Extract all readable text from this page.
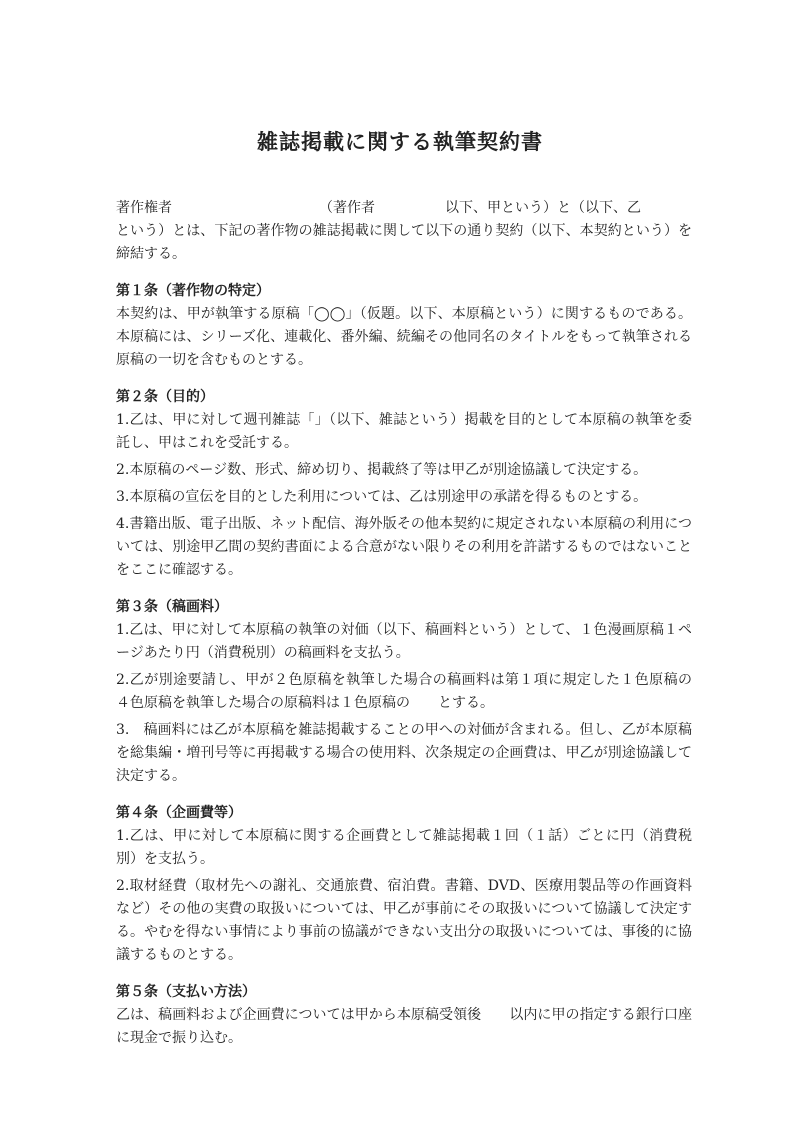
雑誌掲載に関する執筆契約書
著作権者　　　　　　　　　　　（著作者　　　　　以下、甲という）と（以下、乙
という）とは、下記の著作物の雑誌掲載に関して以下の通り契約（以下、本契約という）を締結する。
第１条（著作物の特定）
本契約は、甲が執筆する原稿「◯◯」（仮題。以下、本原稿という）に関するものである。本原稿には、シリーズ化、連載化、番外編、続編その他同名のタイトルをもって執筆される原稿の一切を含むものとする。
第２条（目的）
1.乙は、甲に対して週刊雑誌「」（以下、雑誌という）掲載を目的として本原稿の執筆を委託し、甲はこれを受託する。
2.本原稿のページ数、形式、締め切り、掲載終了等は甲乙が別途協議して決定する。
3.本原稿の宣伝を目的とした利用については、乙は別途甲の承諾を得るものとする。
4.書籍出版、電子出版、ネット配信、海外版その他本契約に規定されない本原稿の利用については、別途甲乙間の契約書面による合意がない限りその利用を許諾するものではないことをここに確認する。
第３条（稿画料）
1.乙は、甲に対して本原稿の執筆の対価（以下、稿画料という）として、１色漫画原稿１ページあたり円（消費税別）の稿画料を支払う。
2.乙が別途要請し、甲が２色原稿を執筆した場合の稿画料は第１項に規定した１色原稿の　　４色原稿を執筆した場合の原稿料は１色原稿の　　とする。
3.　稿画料には乙が本原稿を雑誌掲載することの甲への対価が含まれる。但し、乙が本原稿を総集編・増刊号等に再掲載する場合の使用料、次条規定の企画費は、甲乙が別途協議して決定する。
第４条（企画費等）
1.乙は、甲に対して本原稿に関する企画費として雑誌掲載１回（１話）ごとに円（消費税別）を支払う。
2.取材経費（取材先への謝礼、交通旅費、宿泊費。書籍、DVD、医療用製品等の作画資料など）その他の実費の取扱いについては、甲乙が事前にその取扱いについて協議して決定する。やむを得ない事情により事前の協議ができない支出分の取扱いについては、事後的に協議するものとする。
第５条（支払い方法）
乙は、稿画料および企画費については甲から本原稿受領後　　以内に甲の指定する銀行口座に現金で振り込む。
